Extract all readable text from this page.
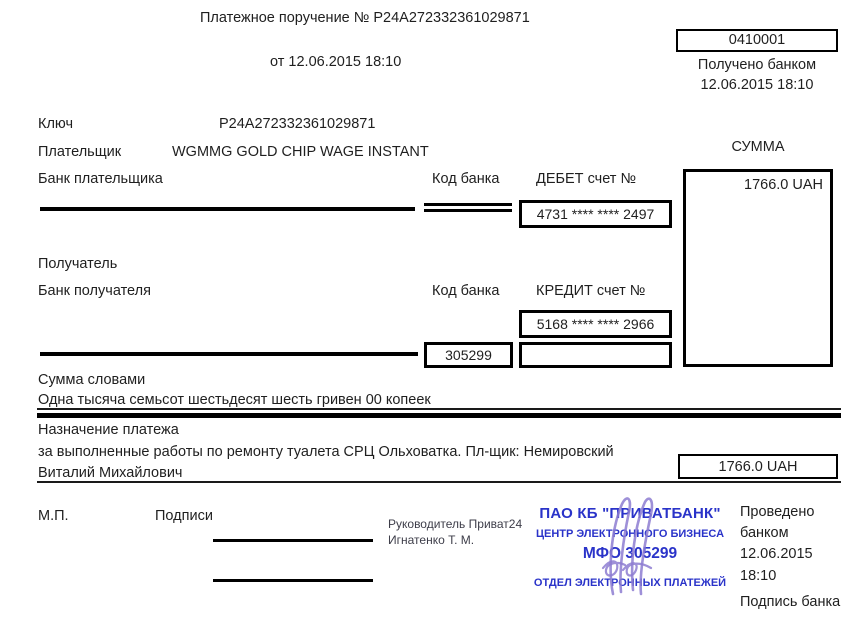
Платежное поручение № P24A272332361029871
от 12.06.2015 18:10
0410001
Получено банком
12.06.2015 18:10
Ключ	P24A272332361029871
Плательщик	WGMMG GOLD CHIP WAGE INSTANT
Банк плательщика	Код банка	ДЕБЕТ счет №
СУММА
1766.0 UAH
4731 **** **** 2497
Получатель
Банк получателя	Код банка	КРЕДИТ счет №
5168 **** **** 2966
305299
Сумма словами
Одна тысяча семьсот шестьдесят шесть гривен 00 копеек
Назначение платежа
за выполненные работы по ремонту туалета СРЦ Ольховатка. Пл-щик: Немировский Виталий Михайлович	1766.0 UAH
М.П.	Подписи	Руководитель Приват24
Игнатенко Т. М.
ПАО КБ "ПРИВАТБАНК"
ЦЕНТР ЭЛЕКТРОННОГО БИЗНЕСА
МФО 305299
ОТДЕЛ ЭЛЕКТРОННЫХ ПЛАТЕЖЕЙ
Проведено банком
12.06.2015
18:10
Подпись банка
